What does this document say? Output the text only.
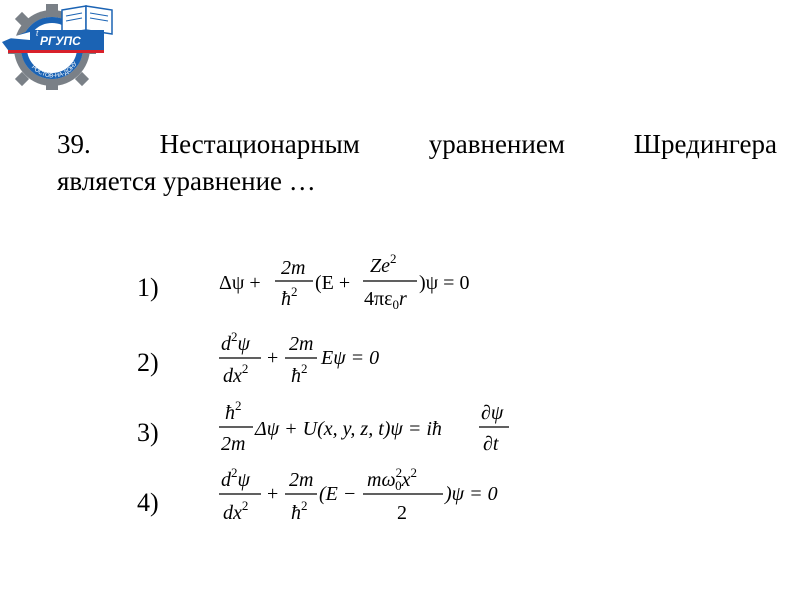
РГУПС
t
РОСТОВ-НА-ДОНУ
39.	Нестационарным	уравнением	Шредингера
является уравнение …
1)
2)
3)
4)
Δψ +
2m
$ħ^2$ (E +
$Ze^2$
$4\pi\varepsilon_0r$
)ψ = 0
$d^2\psi$
$dx^2$ +
2m
$ħ^2$ Eψ = 0
$ħ^2$
2m
Δψ + U(x, y, z, t)ψ = iħ
∂ψ
∂t
$d^2\psi$
$dx^2$
+
2m
$ħ^2$
(E −
$m\omega^2$ $0x^2$
2
)ψ = 0
